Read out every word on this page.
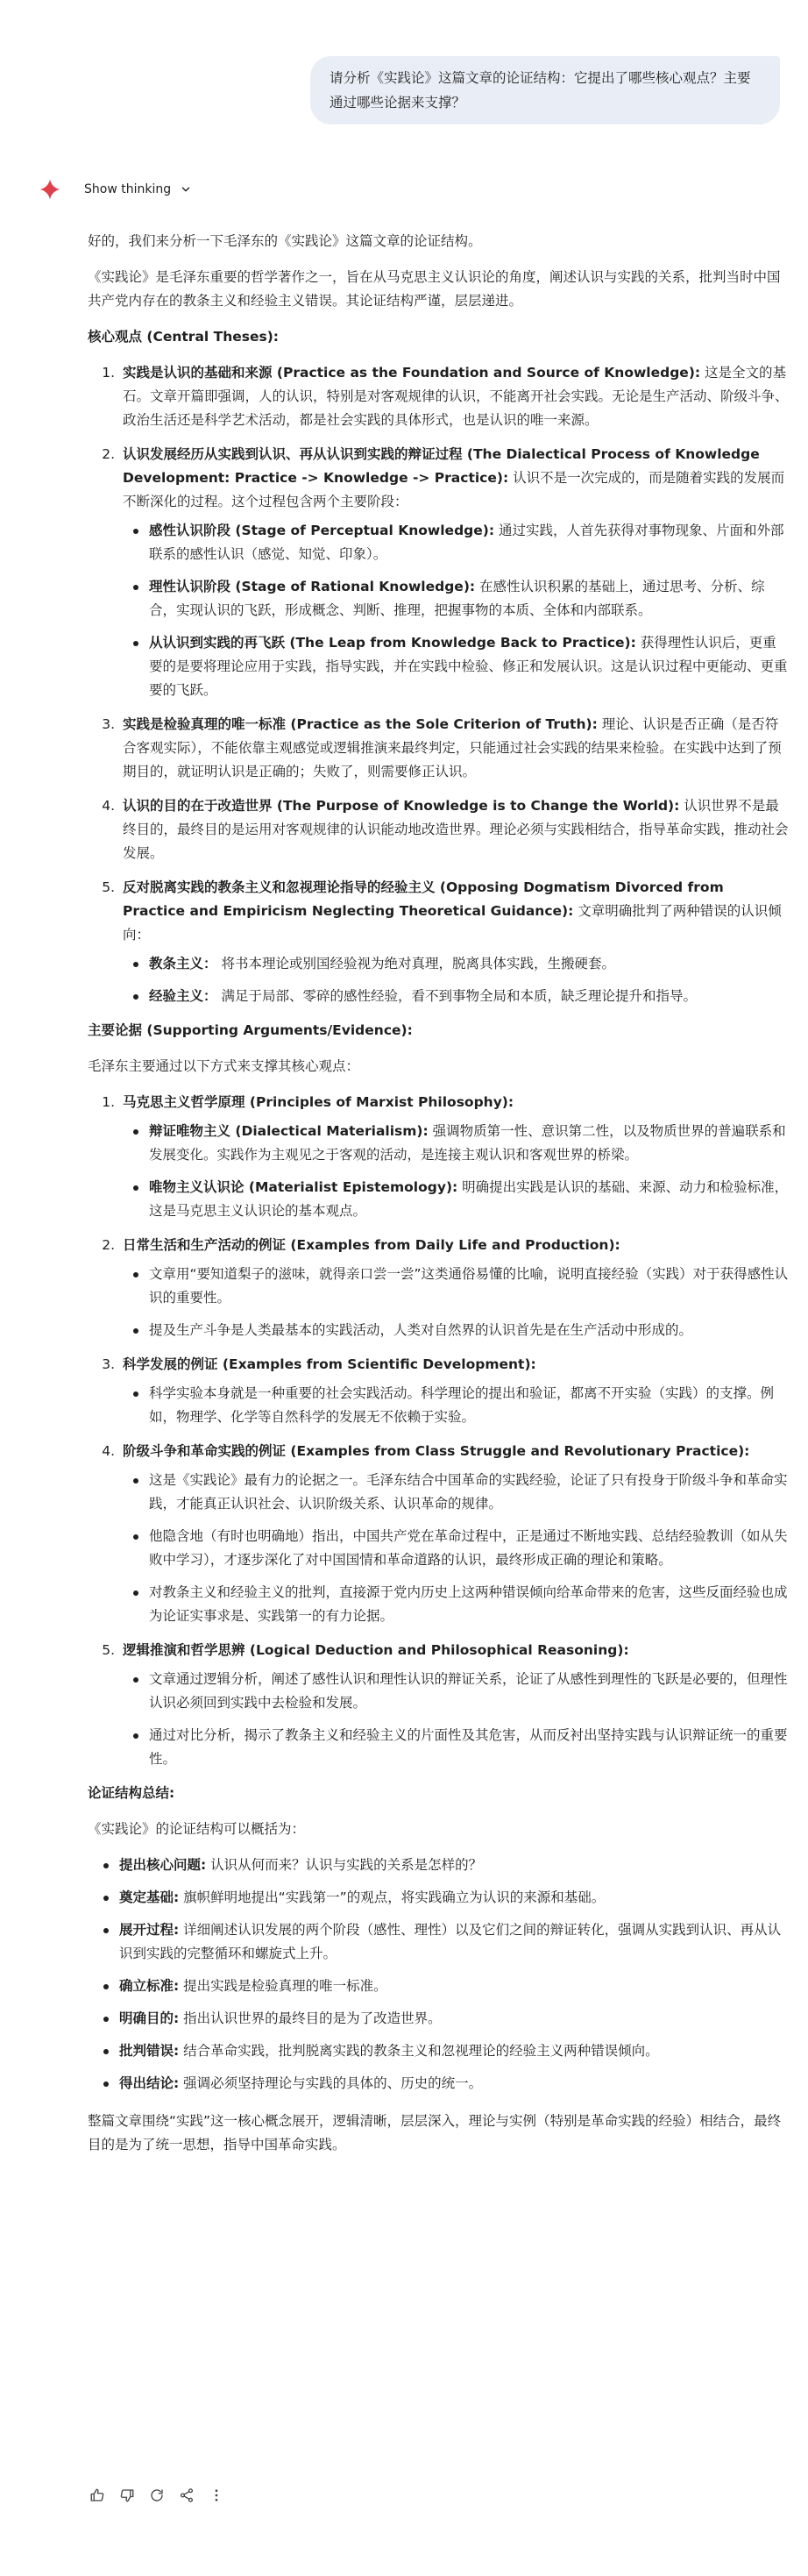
请分析《实践论》这篇文章的论证结构：它提出了哪些核心观点？主要通过哪些论据来支撑？
Show thinking

好的，我们来分析一下毛泽东的《实践论》这篇文章的论证结构。

《实践论》是毛泽东重要的哲学著作之一，旨在从马克思主义认识论的角度，阐述认识与实践的关系，批判当时中国共产党内存在的教条主义和经验主义错误。其论证结构严谨，层层递进。

核心观点 (Central Theses):

1. 实践是认识的基础和来源 (Practice as the Foundation and Source of Knowledge): 这是全文的基石。文章开篇即强调，人的认识，特别是对客观规律的认识，不能离开社会实践。无论是生产活动、阶级斗争、政治生活还是科学艺术活动，都是社会实践的具体形式，也是认识的唯一来源。
2. 认识发展经历从实践到认识、再从认识到实践的辩证过程 (The Dialectical Process of Knowledge Development: Practice -> Knowledge -> Practice): 认识不是一次完成的，而是随着实践的发展而不断深化的过程。这个过程包含两个主要阶段：
感性认识阶段 (Stage of Perceptual Knowledge): 通过实践，人首先获得对事物现象、片面和外部联系的感性认识（感觉、知觉、印象）。
理性认识阶段 (Stage of Rational Knowledge): 在感性认识积累的基础上，通过思考、分析、综合，实现认识的飞跃，形成概念、判断、推理，把握事物的本质、全体和内部联系。
从认识到实践的再飞跃 (The Leap from Knowledge Back to Practice): 获得理性认识后，更重要的是要将理论应用于实践，指导实践，并在实践中检验、修正和发展认识。这是认识过程中更能动、更重要的飞跃。
3. 实践是检验真理的唯一标准 (Practice as the Sole Criterion of Truth): 理论、认识是否正确（是否符合客观实际），不能依靠主观感觉或逻辑推演来最终判定，只能通过社会实践的结果来检验。在实践中达到了预期目的，就证明认识是正确的；失败了，则需要修正认识。
4. 认识的目的在于改造世界 (The Purpose of Knowledge is to Change the World): 认识世界不是最终目的，最终目的是运用对客观规律的认识能动地改造世界。理论必须与实践相结合，指导革命实践，推动社会发展。
5. 反对脱离实践的教条主义和忽视理论指导的经验主义 (Opposing Dogmatism Divorced from Practice and Empiricism Neglecting Theoretical Guidance): 文章明确批判了两种错误的认识倾向：
教条主义： 将书本理论或别国经验视为绝对真理，脱离具体实践，生搬硬套。
经验主义： 满足于局部、零碎的感性经验，看不到事物全局和本质，缺乏理论提升和指导。

主要论据 (Supporting Arguments/Evidence):

毛泽东主要通过以下方式来支撑其核心观点：

1. 马克思主义哲学原理 (Principles of Marxist Philosophy):
辩证唯物主义 (Dialectical Materialism): 强调物质第一性、意识第二性，以及物质世界的普遍联系和发展变化。实践作为主观见之于客观的活动，是连接主观认识和客观世界的桥梁。
唯物主义认识论 (Materialist Epistemology): 明确提出实践是认识的基础、来源、动力和检验标准，这是马克思主义认识论的基本观点。
2. 日常生活和生产活动的例证 (Examples from Daily Life and Production):
文章用“要知道梨子的滋味，就得亲口尝一尝”这类通俗易懂的比喻，说明直接经验（实践）对于获得感性认识的重要性。
提及生产斗争是人类最基本的实践活动，人类对自然界的认识首先是在生产活动中形成的。
3. 科学发展的例证 (Examples from Scientific Development):
科学实验本身就是一种重要的社会实践活动。科学理论的提出和验证，都离不开实验（实践）的支撑。例如，物理学、化学等自然科学的发展无不依赖于实验。
4. 阶级斗争和革命实践的例证 (Examples from Class Struggle and Revolutionary Practice):
这是《实践论》最有力的论据之一。毛泽东结合中国革命的实践经验，论证了只有投身于阶级斗争和革命实践，才能真正认识社会、认识阶级关系、认识革命的规律。
他隐含地（有时也明确地）指出，中国共产党在革命过程中，正是通过不断地实践、总结经验教训（如从失败中学习），才逐步深化了对中国国情和革命道路的认识，最终形成正确的理论和策略。
对教条主义和经验主义的批判，直接源于党内历史上这两种错误倾向给革命带来的危害，这些反面经验也成为论证实事求是、实践第一的有力论据。
5. 逻辑推演和哲学思辨 (Logical Deduction and Philosophical Reasoning):
文章通过逻辑分析，阐述了感性认识和理性认识的辩证关系，论证了从感性到理性的飞跃是必要的，但理性认识必须回到实践中去检验和发展。
通过对比分析，揭示了教条主义和经验主义的片面性及其危害，从而反衬出坚持实践与认识辩证统一的重要性。

论证结构总结:

《实践论》的论证结构可以概括为：

提出核心问题: 认识从何而来？认识与实践的关系是怎样的？
奠定基础: 旗帜鲜明地提出“实践第一”的观点，将实践确立为认识的来源和基础。
展开过程: 详细阐述认识发展的两个阶段（感性、理性）以及它们之间的辩证转化，强调从实践到认识、再从认识到实践的完整循环和螺旋式上升。
确立标准: 提出实践是检验真理的唯一标准。
明确目的: 指出认识世界的最终目的是为了改造世界。
批判错误: 结合革命实践，批判脱离实践的教条主义和忽视理论的经验主义两种错误倾向。
得出结论: 强调必须坚持理论与实践的具体的、历史的统一。

整篇文章围绕“实践”这一核心概念展开，逻辑清晰，层层深入，理论与实例（特别是革命实践的经验）相结合，最终目的是为了统一思想，指导中国革命实践。
